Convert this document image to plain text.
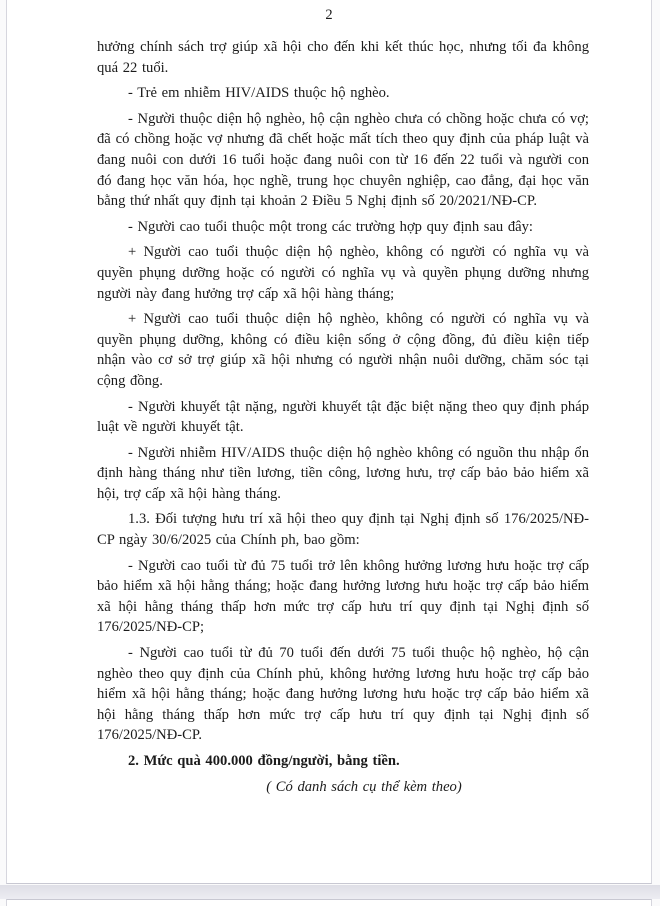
2

hưởng chính sách trợ giúp xã hội cho đến khi kết thúc học, nhưng tối đa không quá 22 tuổi.

- Trẻ em nhiễm HIV/AIDS thuộc hộ nghèo.

- Người thuộc diện hộ nghèo, hộ cận nghèo chưa có chồng hoặc chưa có vợ; đã có chồng hoặc vợ nhưng đã chết hoặc mất tích theo quy định của pháp luật và đang nuôi con dưới 16 tuổi hoặc đang nuôi con từ 16 đến 22 tuổi và người con đó đang học văn hóa, học nghề, trung học chuyên nghiệp, cao đẳng, đại học văn bằng thứ nhất quy định tại khoản 2 Điều 5 Nghị định số 20/2021/NĐ-CP.

- Người cao tuổi thuộc một trong các trường hợp quy định sau đây:

+ Người cao tuổi thuộc diện hộ nghèo, không có người có nghĩa vụ và quyền phụng dưỡng hoặc có người có nghĩa vụ và quyền phụng dưỡng nhưng người này đang hưởng trợ cấp xã hội hàng tháng;

+ Người cao tuổi thuộc diện hộ nghèo, không có người có nghĩa vụ và quyền phụng dưỡng, không có điều kiện sống ở cộng đồng, đủ điều kiện tiếp nhận vào cơ sở trợ giúp xã hội nhưng có người nhận nuôi dưỡng, chăm sóc tại cộng đồng.

- Người khuyết tật nặng, người khuyết tật đặc biệt nặng theo quy định pháp luật về người khuyết tật.

- Người nhiễm HIV/AIDS thuộc diện hộ nghèo không có nguồn thu nhập ổn định hàng tháng như tiền lương, tiền công, lương hưu, trợ cấp bảo bảo hiểm xã hội, trợ cấp xã hội hàng tháng.

1.3. Đối tượng hưu trí xã hội theo quy định tại Nghị định số 176/2025/NĐ-CP ngày 30/6/2025 của Chính ph, bao gồm:

- Người cao tuổi từ đủ 75 tuổi trở lên không hưởng lương hưu hoặc trợ cấp bảo hiểm xã hội hằng tháng; hoặc đang hưởng lương hưu hoặc trợ cấp bảo hiểm xã hội hằng tháng thấp hơn mức trợ cấp hưu trí quy định tại Nghị định số 176/2025/NĐ-CP;

- Người cao tuổi từ đủ 70 tuổi đến dưới 75 tuổi thuộc hộ nghèo, hộ cận nghèo theo quy định của Chính phủ, không hưởng lương hưu hoặc trợ cấp bảo hiểm xã hội hằng tháng; hoặc đang hưởng lương hưu hoặc trợ cấp bảo hiểm xã hội hằng tháng thấp hơn mức trợ cấp hưu trí quy định tại Nghị định số 176/2025/NĐ-CP.

2. Mức quà 400.000 đồng/người, bằng tiền.

( Có danh sách cụ thể kèm theo)
